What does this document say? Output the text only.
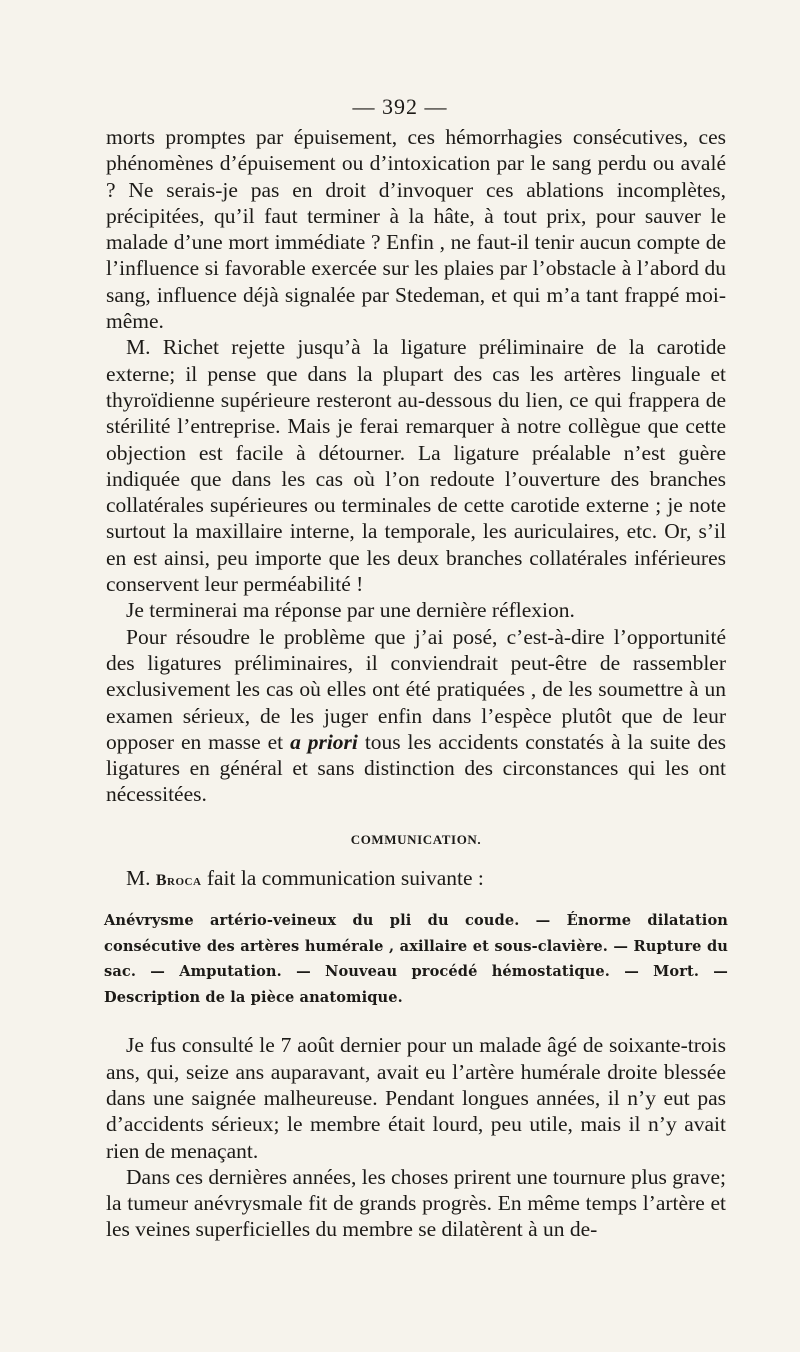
— 392 —

morts promptes par épuisement, ces hémorrhagies consécutives, ces phénomènes d’épuisement ou d’intoxication par le sang perdu ou avalé ? Ne serais-je pas en droit d’invoquer ces ablations incomplètes, précipitées, qu’il faut terminer à la hâte, à tout prix, pour sauver le malade d’une mort immédiate ? Enfin , ne faut-il tenir aucun compte de l’influence si favorable exercée sur les plaies par l’obstacle à l’abord du sang, influence déjà signalée par Stedeman, et qui m’a tant frappé moi-même.

M. Richet rejette jusqu’à la ligature préliminaire de la carotide externe; il pense que dans la plupart des cas les artères linguale et thyroïdienne supérieure resteront au-dessous du lien, ce qui frappera de stérilité l’entreprise. Mais je ferai remarquer à notre collègue que cette objection est facile à détourner. La ligature préalable n’est guère indiquée que dans les cas où l’on redoute l’ouverture des branches collatérales supérieures ou terminales de cette carotide externe ; je note surtout la maxillaire interne, la temporale, les auriculaires, etc. Or, s’il en est ainsi, peu importe que les deux branches collatérales inférieures conservent leur perméabilité !

Je terminerai ma réponse par une dernière réflexion.

Pour résoudre le problème que j’ai posé, c’est-à-dire l’opportunité des ligatures préliminaires, il conviendrait peut-être de rassembler exclusivement les cas où elles ont été pratiquées , de les soumettre à un examen sérieux, de les juger enfin dans l’espèce plutôt que de leur opposer en masse et a priori tous les accidents constatés à la suite des ligatures en général et sans distinction des circonstances qui les ont nécessitées.

COMMUNICATION.

M. Broca fait la communication suivante :

Anévrysme artério-veineux du pli du coude. — Énorme dilatation consécutive des artères humérale , axillaire et sous-clavière. — Rupture du sac. — Amputation. — Nouveau procédé hémostatique. — Mort. — Description de la pièce anatomique.

Je fus consulté le 7 août dernier pour un malade âgé de soixante-trois ans, qui, seize ans auparavant, avait eu l’artère humérale droite blessée dans une saignée malheureuse. Pendant longues années, il n’y eut pas d’accidents sérieux; le membre était lourd, peu utile, mais il n’y avait rien de menaçant.

Dans ces dernières années, les choses prirent une tournure plus grave; la tumeur anévrysmale fit de grands progrès. En même temps l’artère et les veines superficielles du membre se dilatèrent à un de-
